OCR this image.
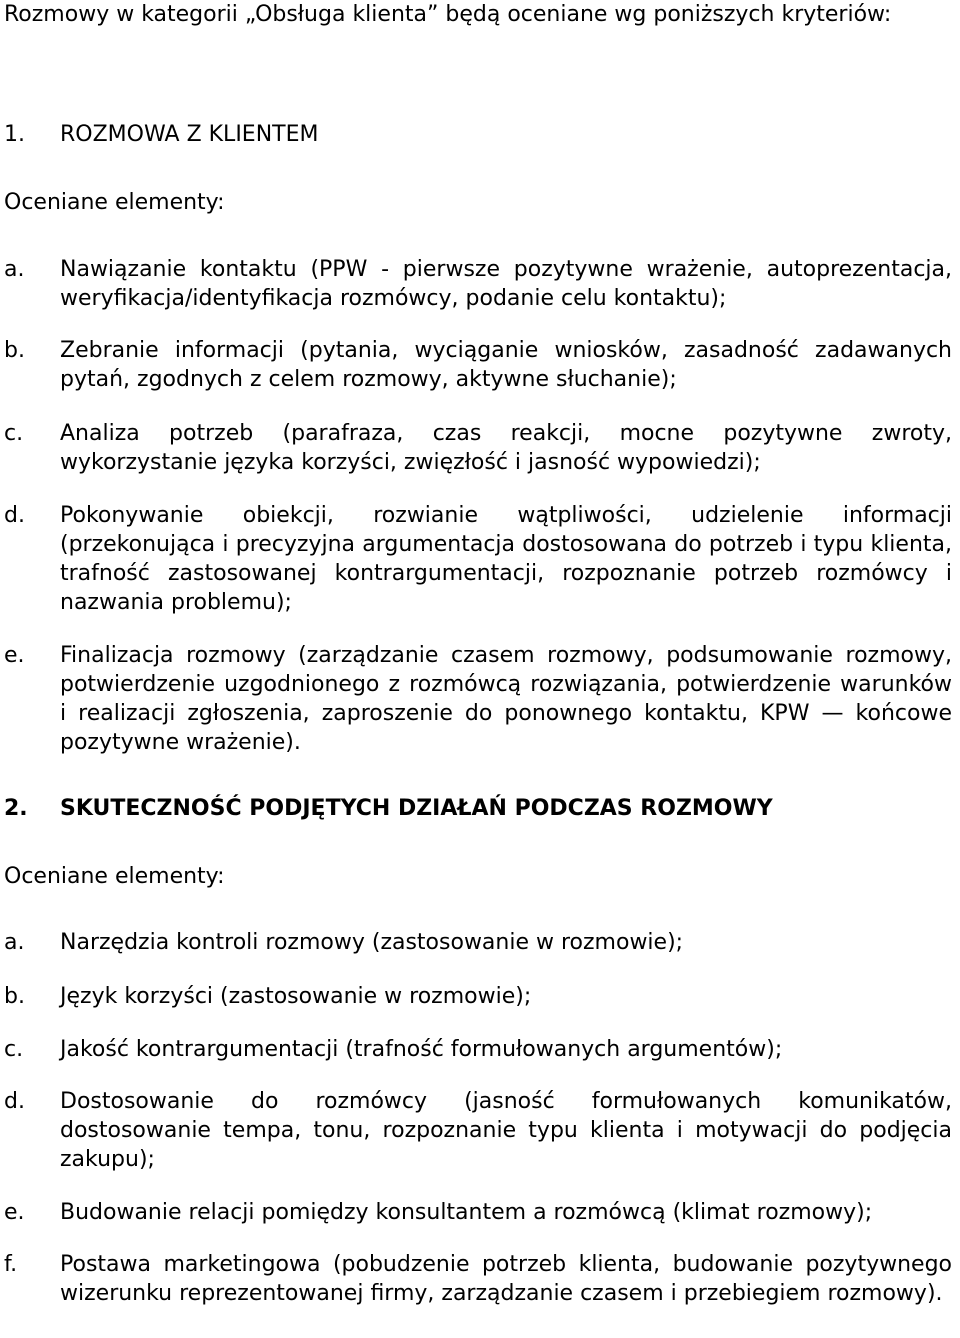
Rozmowy w kategorii „Obsługa klienta” będą oceniane wg poniższych kryteriów:
1. ROZMOWA Z KLIENTEM
Oceniane elementy:
a.	Nawiązanie kontaktu (PPW - pierwsze pozytywne wrażenie, autoprezentacja, weryfikacja/identyfikacja rozmówcy, podanie celu kontaktu);
b.	Zebranie informacji (pytania, wyciąganie wniosków, zasadność zadawanych pytań, zgodnych z celem rozmowy, aktywne słuchanie);
c.	Analiza potrzeb (parafraza, czas reakcji, mocne pozytywne zwroty, wykorzystanie języka korzyści, zwięzłość i jasność wypowiedzi);
d.	Pokonywanie obiekcji, rozwianie wątpliwości, udzielenie informacji (przekonująca i precyzyjna argumentacja dostosowana do potrzeb i typu klienta, trafność zastosowanej kontrargumentacji, rozpoznanie potrzeb rozmówcy i nazwania problemu);
e.	Finalizacja rozmowy (zarządzanie czasem rozmowy, podsumowanie rozmowy, potwierdzenie uzgodnionego z rozmówcą rozwiązania, potwierdzenie warunków i realizacji zgłoszenia, zaproszenie do ponownego kontaktu, KPW — końcowe pozytywne wrażenie).
2. SKUTECZNOŚĆ PODJĘTYCH DZIAŁAŃ PODCZAS ROZMOWY
Oceniane elementy:
a.	Narzędzia kontroli rozmowy (zastosowanie w rozmowie);
b.	Język korzyści (zastosowanie w rozmowie);
c.	Jakość kontrargumentacji (trafność formułowanych argumentów);
d.	Dostosowanie do rozmówcy (jasność formułowanych komunikatów, dostosowanie tempa, tonu, rozpoznanie typu klienta i motywacji do podjęcia zakupu);
e.	Budowanie relacji pomiędzy konsultantem a rozmówcą (klimat rozmowy);
f.	Postawa marketingowa (pobudzenie potrzeb klienta, budowanie pozytywnego wizerunku reprezentowanej firmy, zarządzanie czasem i przebiegiem rozmowy).
